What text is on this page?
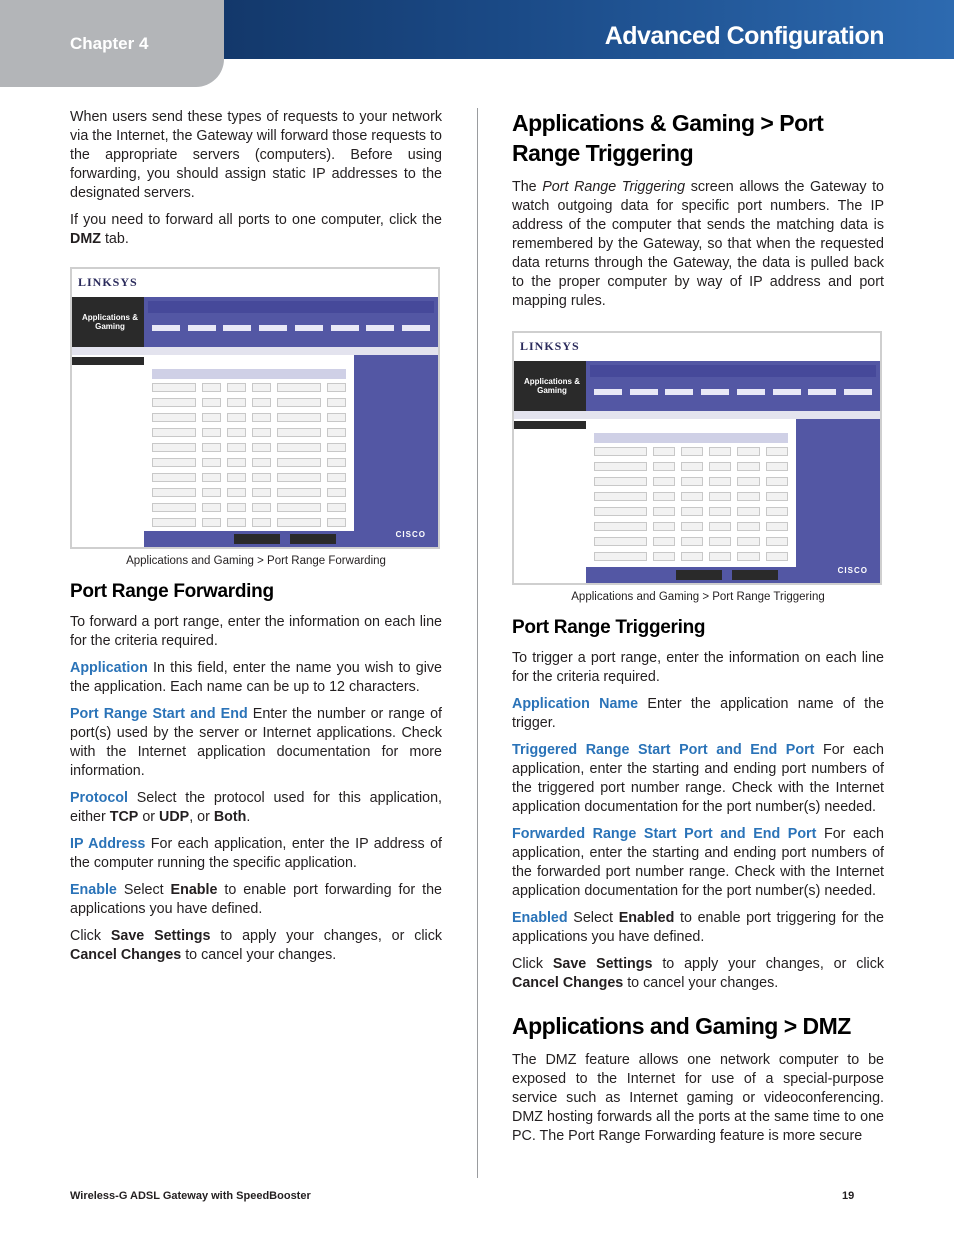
Chapter 4	Advanced Configuration

When users send these types of requests to your network via the Internet, the Gateway will forward those requests to the appropriate servers (computers). Before using forwarding, you should assign static IP addresses to the designated servers.

If you need to forward all ports to one computer, click the DMZ tab.

LINKSYS
Applications & Gaming
CISCO
Applications and Gaming > Port Range Forwarding
Port Range Forwarding

To forward a port range, enter the information on each line for the criteria required.

Application In this field, enter the name you wish to give the application. Each name can be up to 12 characters.

Port Range Start and End Enter the number or range of port(s) used by the server or Internet applications. Check with the Internet application documentation for more information.

Protocol Select the protocol used for this application, either TCP or UDP, or Both.

IP Address For each application, enter the IP address of the computer running the specific application.

Enable Select Enable to enable port forwarding for the applications you have defined.

Click Save Settings to apply your changes, or click Cancel Changes to cancel your changes.

Applications & Gaming > Port Range Triggering

The Port Range Triggering screen allows the Gateway to watch outgoing data for specific port numbers. The IP address of the computer that sends the matching data is remembered by the Gateway, so that when the requested data returns through the Gateway, the data is pulled back to the proper computer by way of IP address and port mapping rules.

LINKSYS
Applications & Gaming
CISCO
Applications and Gaming > Port Range Triggering
Port Range Triggering

To trigger a port range, enter the information on each line for the criteria required.

Application Name Enter the application name of the trigger.

Triggered Range Start Port and End Port For each application, enter the starting and ending port numbers of the triggered port number range. Check with the Internet application documentation for the port number(s) needed.

Forwarded Range Start Port and End Port For each application, enter the starting and ending port numbers of the forwarded port number range. Check with the Internet application documentation for the port number(s) needed.

Enabled Select Enabled to enable port triggering for the applications you have defined.

Click Save Settings to apply your changes, or click Cancel Changes to cancel your changes.

Applications and Gaming > DMZ

The DMZ feature allows one network computer to be exposed to the Internet for use of a special-purpose service such as Internet gaming or videoconferencing. DMZ hosting forwards all the ports at the same time to one PC. The Port Range Forwarding feature is more secure

Wireless-G ADSL Gateway with SpeedBooster	19
